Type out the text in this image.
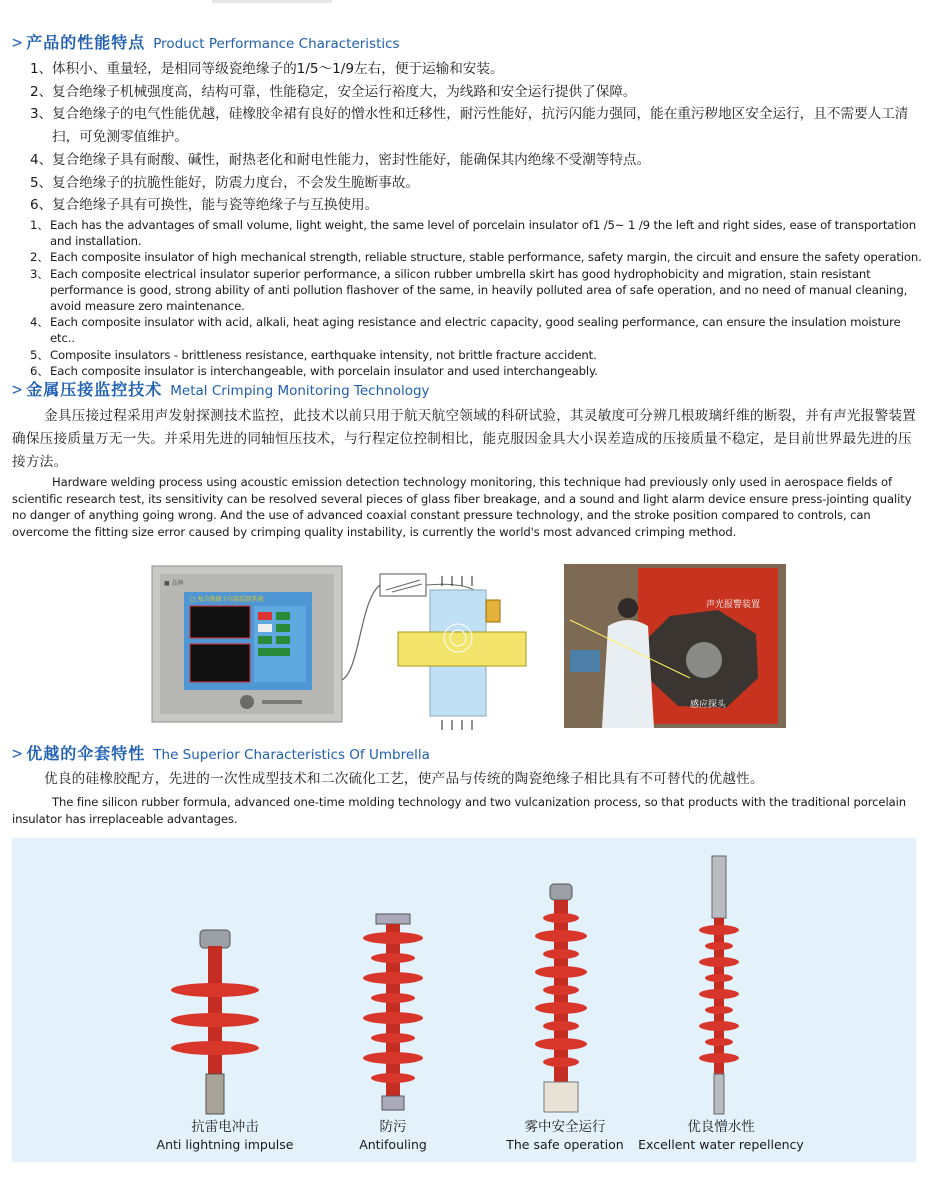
> 产品的性能特点 Product Performance Characteristics
1、 体积小、重量轻，是相同等级瓷绝缘子的1/5～1/9左右，便于运输和安装。
2、 复合绝缘子机械强度高，结构可靠，性能稳定，安全运行裕度大，为线路和安全运行提供了保障。
3、 复合绝缘子的电气性能优越，硅橡胶伞裙有良好的憎水性和迁移性，耐污性能好，抗污闪能力强同，能在重污秽地区安全运行，且不需要人工清扫，可免测零值维护。
4、 复合绝缘子具有耐酸、碱性，耐热老化和耐电性能力，密封性能好，能确保其内绝缘不受潮等特点。
5、 复合绝缘子的抗脆性能好，防震力度台，不会发生脆断事故。
6、 复合绝缘子具有可换性，能与瓷等绝缘子与互换使用。
1、 Each has the advantages of small volume, light weight, the same level of porcelain insulator of1 /5~ 1 /9 the left and right sides, ease of transportation and installation.
2、 Each composite insulator of high mechanical strength, reliable structure, stable performance, safety margin, the circuit and ensure the safety operation.
3、 Each composite electrical insulator superior performance, a silicon rubber umbrella skirt has good hydrophobicity and migration, stain resistant performance is good, strong ability of anti pollution flashover of the same, in heavily polluted area of safe operation, and no need of manual cleaning, avoid measure zero maintenance.
4、 Each composite insulator with acid, alkali, heat aging resistance and electric capacity, good sealing performance, can ensure the insulation moisture etc..
5、 Composite insulators - brittleness resistance, earthquake intensity, not brittle fracture accident.
6、 Each composite insulator is interchangeable, with porcelain insulator and used interchangeably.
> 金属压接监控技术 Metal Crimping Monitoring Technology

金具压接过程采用声发射探测技术监控，此技术以前只用于航天航空领域的科研试验，其灵敏度可分辨几根玻璃纤维的断裂，并有声光报警装置确保压接质量万无一失。并采用先进的同轴恒压技术，与行程定位控制相比，能克服因金具大小误差造成的压接质量不稳定，是目前世界最先进的压接方法。

Hardware welding process using acoustic emission detection technology monitoring, this technique had previously only used in aerospace fields of scientific research test, its sensitivity can be resolved several pieces of glass fiber breakage, and a sound and light alarm device ensure press-jointing quality no danger of anything going wrong. And the use of advanced coaxial constant pressure technology, and the stroke position compared to controls, can overcome the fitting size error caused by crimping quality instability, is currently the world's most advanced crimping method.

■ 品牌
□ 复合绝缘子压接监控系统
声光报警装置
感应探头
> 优越的伞套特性 The Superior Characteristics Of Umbrella

优良的硅橡胶配方，先进的一次性成型技术和二次硫化工艺，使产品与传统的陶瓷绝缘子相比具有不可替代的优越性。

The fine silicon rubber formula, advanced one-time molding technology and two vulcanization process, so that products with the traditional porcelain insulator has irreplaceable advantages.

抗雷电冲击
Anti lightning impulse
防污
Antifouling
雾中安全运行
The safe operation
优良憎水性
Excellent water repellency
